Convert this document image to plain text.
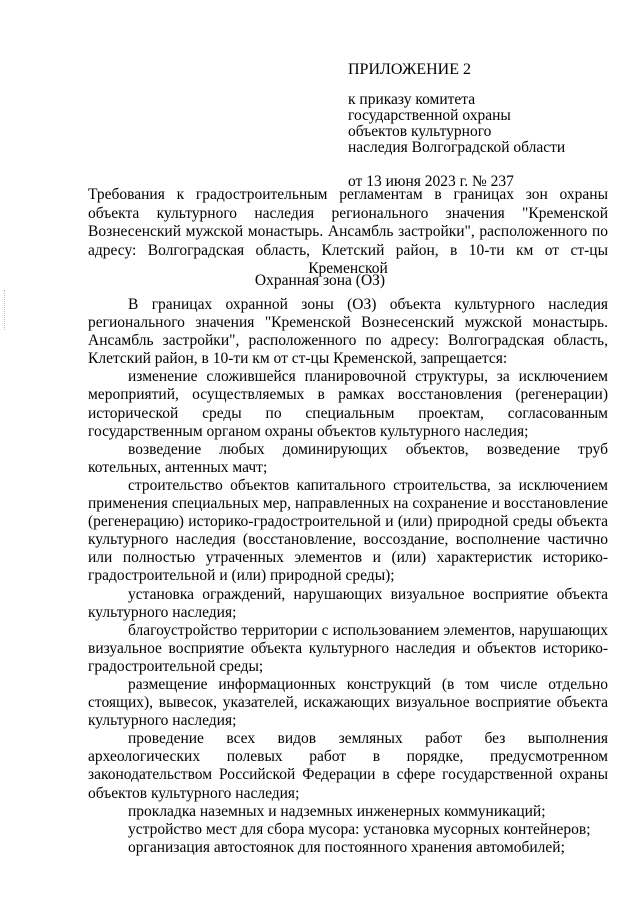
ПРИЛОЖЕНИЕ 2
к приказу комитета
государственной охраны
объектов культурного
наследия Волгоградской области
от 13 июня 2023 г. № 237
Требования к градостроительным регламентам в границах зон охраны объекта культурного наследия регионального значения "Кременской Вознесенский мужской монастырь. Ансамбль застройки", расположенного по адресу: Волгоградская область, Клетский район, в 10-ти км от ст-цы Кременской
Охранная зона (ОЗ)

В границах охранной зоны (ОЗ) объекта культурного наследия регионального значения "Кременской Вознесенский мужской монастырь. Ансамбль застройки", расположенного по адресу: Волгоградская область, Клетский район, в 10-ти км от ст-цы Кременской, запрещается:

изменение сложившейся планировочной структуры, за исключением мероприятий, осуществляемых в рамках восстановления (регенерации) исторической среды по специальным проектам, согласованным государственным органом охраны объектов культурного наследия;

возведение любых доминирующих объектов, возведение труб котельных, антенных мачт;

строительство объектов капитального строительства, за исключением применения специальных мер, направленных на сохранение и восстановление (регенерацию) историко-градостроительной и (или) природной среды объекта культурного наследия (восстановление, воссоздание, восполнение частично или полностью утраченных элементов и (или) характеристик историко-градостроительной и (или) природной среды);

установка ограждений, нарушающих визуальное восприятие объекта культурного наследия;

благоустройство территории с использованием элементов, нарушающих визуальное восприятие объекта культурного наследия и объектов историко-градостроительной среды;

размещение информационных конструкций (в том числе отдельно стоящих), вывесок, указателей, искажающих визуальное восприятие объекта культурного наследия;

проведение всех видов земляных работ без выполнения археологических полевых работ в порядке, предусмотренном законодательством Российской Федерации в сфере государственной охраны объектов культурного наследия;

прокладка наземных и надземных инженерных коммуникаций;

устройство мест для сбора мусора: установка мусорных контейнеров;

организация автостоянок для постоянного хранения автомобилей;
